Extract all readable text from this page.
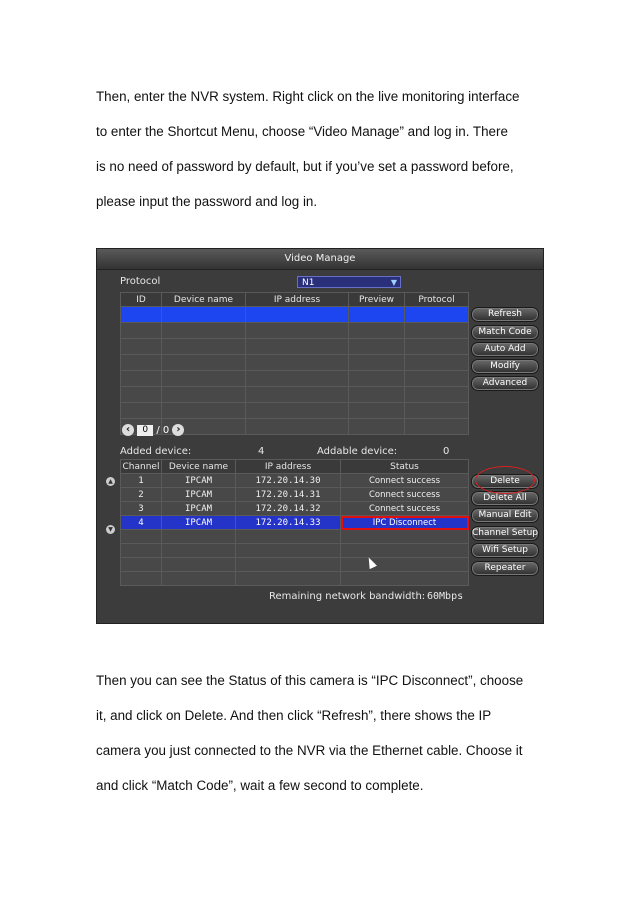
Then, enter the NVR system. Right click on the live monitoring interface

to enter the Shortcut Menu, choose “Video Manage” and log in. There

is no need of password by default, but if you’ve set a password before,

please input the password and log in.

Video Manage
Protocol	N1	▼
ID	Device name	IP address	Preview	Protocol

‹ 0 / 0 ›
Added device:	4	Addable device:	0
▲
▼
Channel	Device name	IP address	Status
1	IPCAM	172.20.14.30	Connect success
2	IPCAM	172.20.14.31	Connect success
3	IPCAM	172.20.14.32	Connect success
4	IPCAM	172.20.14.33	IPC Disconnect

Refresh
Match Code
Auto Add
Modify
Advanced
Delete
Delete All
Manual Edit
Channel Setup
Wifi Setup
Repeater
Remaining network bandwidth: 60Mbps

Then you can see the Status of this camera is “IPC Disconnect”, choose

it, and click on Delete. And then click “Refresh”, there shows the IP

camera you just connected to the NVR via the Ethernet cable. Choose it

and click “Match Code”, wait a few second to complete.
